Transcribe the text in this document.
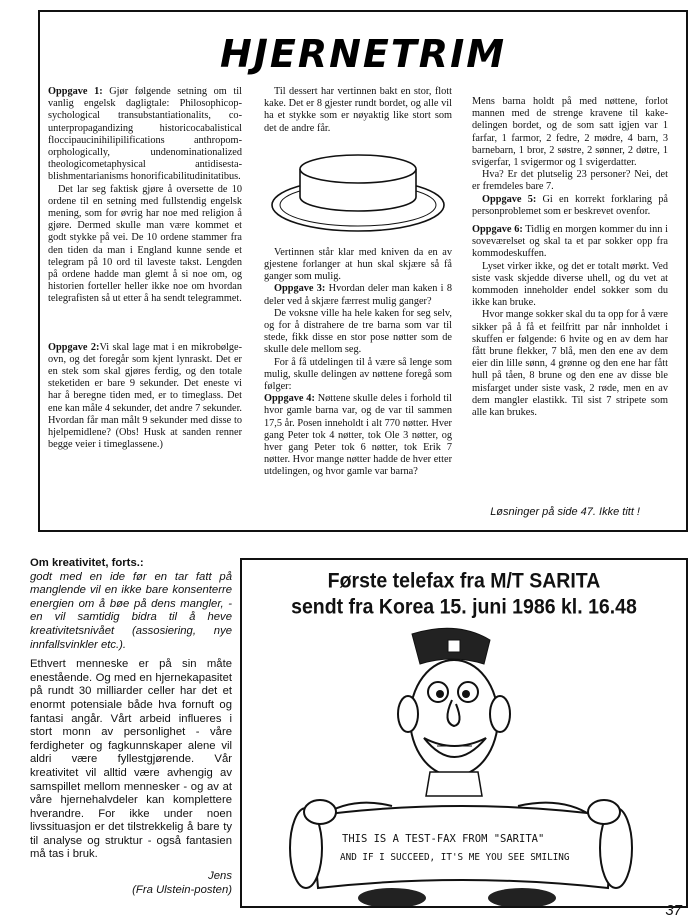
HJERNETRIM

Oppgave 1: Gjør følgende setning om til vanlig engelsk dagligtale: Philosophicopsychological transubstantiationalits, counterpropagandizing historicocabalistical floccipaucinihilipilifications anthropomorphologically, undenominationalized theologicometaphysical antidisestablishmentarianisms honorificabilitudinitatibus.

Det lar seg faktisk gjøre å oversette de 10 ordene til en setning med fullstendig engelsk mening, som for øvrig har noe med religion å gjøre. Dermed skulle man være kommet et godt stykke på vei. De 10 ordene stammer fra den tiden da man i England kunne sende et telegram på 10 ord til laveste takst. Lengden på ordene hadde man glemt å si noe om, og historien forteller heller ikke noe om hvordan telegrafisten så ut etter å ha sendt telegrammet.

Oppgave 2:Vi skal lage mat i en mikrobølge-ovn, og det foregår som kjent lynraskt. Det er en stek som skal gjøres ferdig, og den totale steketiden er bare 9 sekunder. Det eneste vi har å beregne tiden med, er to timeglass. Det ene kan måle 4 sekunder, det andre 7 sekunder. Hvordan får man målt 9 sekunder med disse to hjelpemidlene? (Obs! Husk at sanden renner begge veier i timeglassene.)

Til dessert har vertinnen bakt en stor, flott kake. Det er 8 gjester rundt bordet, og alle vil ha et stykke som er nøyaktig like stort som det de andre får.

Vertinnen står klar med kniven da en av gjestene forlanger at hun skal skjære så få ganger som mulig.

Oppgave 3: Hvordan deler man kaken i 8 deler ved å skjære færrest mulig ganger?

De voksne ville ha hele kaken for seg selv, og for å distrahere de tre barna som var til stede, fikk disse en stor pose nøtter som de skulle dele mellom seg.

For å få utdelingen til å være så lenge som mulig, skulle delingen av nøttene foregå som følger:

Oppgave 4: Nøttene skulle deles i forhold til hvor gamle barna var, og de var til sammen 17,5 år. Posen inneholdt i alt 770 nøtter. Hver gang Peter tok 4 nøtter, tok Ole 3 nøtter, og hver gang Peter tok 6 nøtter, tok Erik 7 nøtter. Hvor mange nøtter hadde de hver etter utdelingen, og hvor gamle var barna?

Mens barna holdt på med nøttene, forlot mannen med de strenge kravene til kakedelingen bordet, og de som satt igjen var 1 farfar, 1 farmor, 2 fedre, 2 mødre, 4 barn, 3 barnebarn, 1 bror, 2 søstre, 2 sønner, 2 døtre, 1 svigerfar, 1 svigermor og 1 svigerdatter.

Hva? Er det plutselig 23 personer? Nei, det er fremdeles bare 7.

Oppgave 5: Gi en korrekt forklaring på personproblemet som er beskrevet ovenfor.

Oppgave 6: Tidlig en morgen kommer du inn i soveværelset og skal ta et par sokker opp fra kommodeskuffen.

Lyset virker ikke, og det er totalt mørkt. Ved siste vask skjedde diverse uhell, og du vet at kommoden inneholder endel sokker som du ikke kan bruke.

Hvor mange sokker skal du ta opp for å være sikker på å få et feilfritt par når innholdet i skuffen er følgende: 6 hvite og en av dem har fått brune flekker, 7 blå, men den ene av dem eier din lille sønn, 4 grønne og den ene har fått hull på tåen, 8 brune og den ene av disse ble misfarget under siste vask, 2 røde, men en av dem mangler elastikk. Til sist 7 stripete som alle kan brukes.

Løsninger på side 47. Ikke titt !

Om kreativitet, forts.:

godt med en ide før en tar fatt på manglende vil en ikke bare konsenterre energien om å bøe på dens mangler, - en vil samtidig bidra til å heve kreativitetsnivået (assosiering, nye innfallsvinkler etc.).

Ethvert menneske er på sin måte enestående. Og med en hjernekapasitet på rundt 30 milliarder celler har det et enormt potensiale både hva fornuft og fantasi angår. Vårt arbeid influeres i stort monn av personlighet - våre ferdigheter og fagkunnskaper alene vil aldri være fyllestgjørende. Vår kreativitet vil alltid være avhengig av samspillet mellom mennesker - og av at våre hjernehalvdeler kan komplettere hverandre. For ikke under noen livssituasjon er det tilstrekkelig å bare ty til analyse og struktur - også fantasien må tas i bruk.

Jens

(Fra Ulstein-posten)

Første telefax fra M/T SARITA
sendt fra Korea 15. juni 1986 kl. 16.48
THIS IS A TEST-FAX FROM "SARITA"
AND IF I SUCCEED, IT'S ME YOU SEE SMILING
37
